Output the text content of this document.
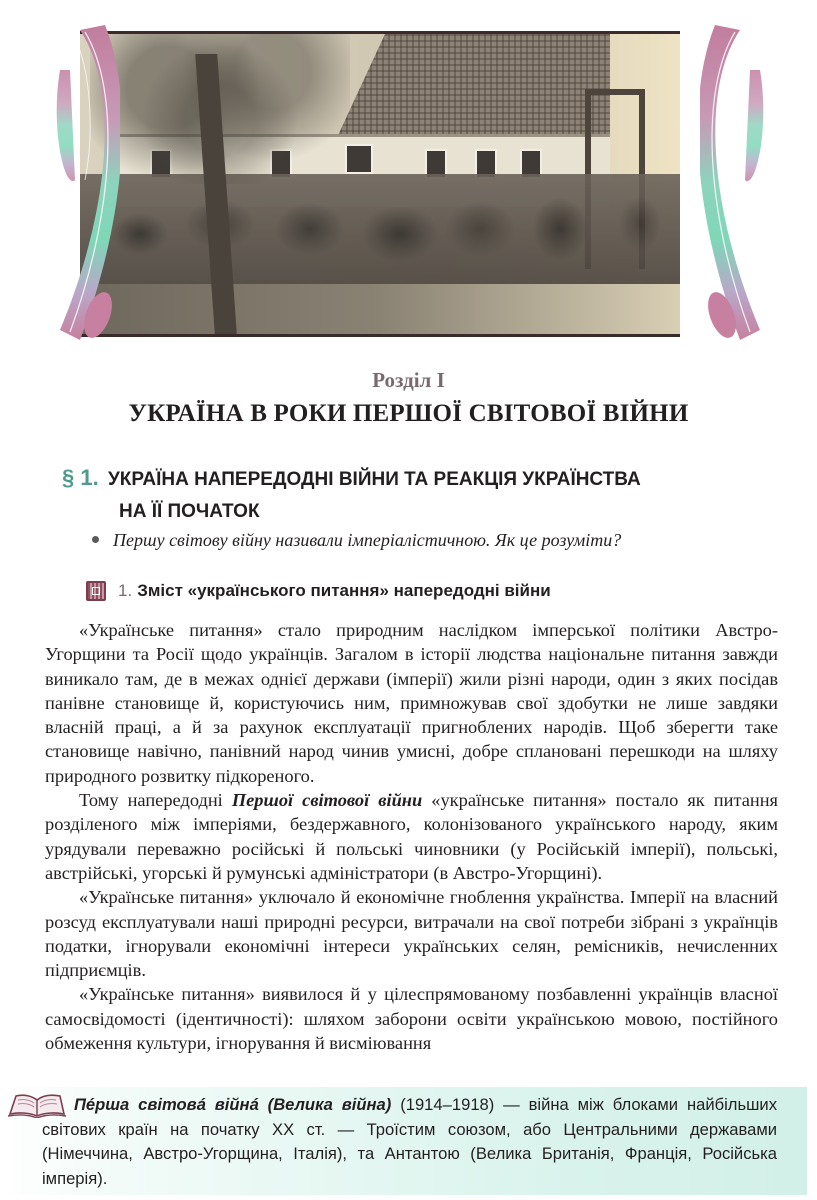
Розділ I
УКРАЇНА В РОКИ ПЕРШОЇ СВІТОВОЇ ВІЙНИ
§ 1. УКРАЇНА НАПЕРЕДОДНІ ВІЙНИ ТА РЕАКЦІЯ УКРАЇНСТВА
НА ЇЇ ПОЧАТОК
Першу світову війну називали імперіалістичною. Як це розуміти?
1. Зміст «українського питання» напередодні війни

«Українське питання» стало природним наслідком імперської політики Австро-Угорщини та Росії щодо українців. Загалом в історії людства національне питання завжди виникало там, де в межах однієї держави (імперії) жили різні народи, один з яких посідав панівне становище й, користуючись ним, примножував свої здобутки не лише завдяки власній праці, а й за рахунок експлуатації пригноблених народів. Щоб зберегти таке становище навічно, панівний народ чинив умисні, добре сплановані перешкоди на шляху природного розвитку підкореного.

Тому напередодні Першої світової війни «українське питання» постало як питання розділеного між імперіями, бездержавного, колонізованого українського народу, яким урядували переважно російські й польські чиновники (у Російській імперії), польські, австрійські, угорські й румунські адміністратори (в Австро-Угорщині).

«Українське питання» уключало й економічне гноблення українства. Імперії на власний розсуд експлуатували наші природні ресурси, витрачали на свої потреби зібрані з українців податки, ігнорували економічні інтереси українських селян, ремісників, нечисленних підприємців.

«Українське питання» виявилося й у цілеспрямованому позбавленні українців власної самосвідомості (ідентичності): шляхом заборони освіти українською мовою, постійного обмеження культури, ігнорування й висміювання

Пéрша світовá війнá (Велика війна) (1914–1918) — війна між блоками найбільших світових країн на початку XX ст. — Троїстим союзом, або Центральними державами (Німеччина, Австро-Угорщина, Італія), та Антантою (Велика Британія, Франція, Російська імперія).
